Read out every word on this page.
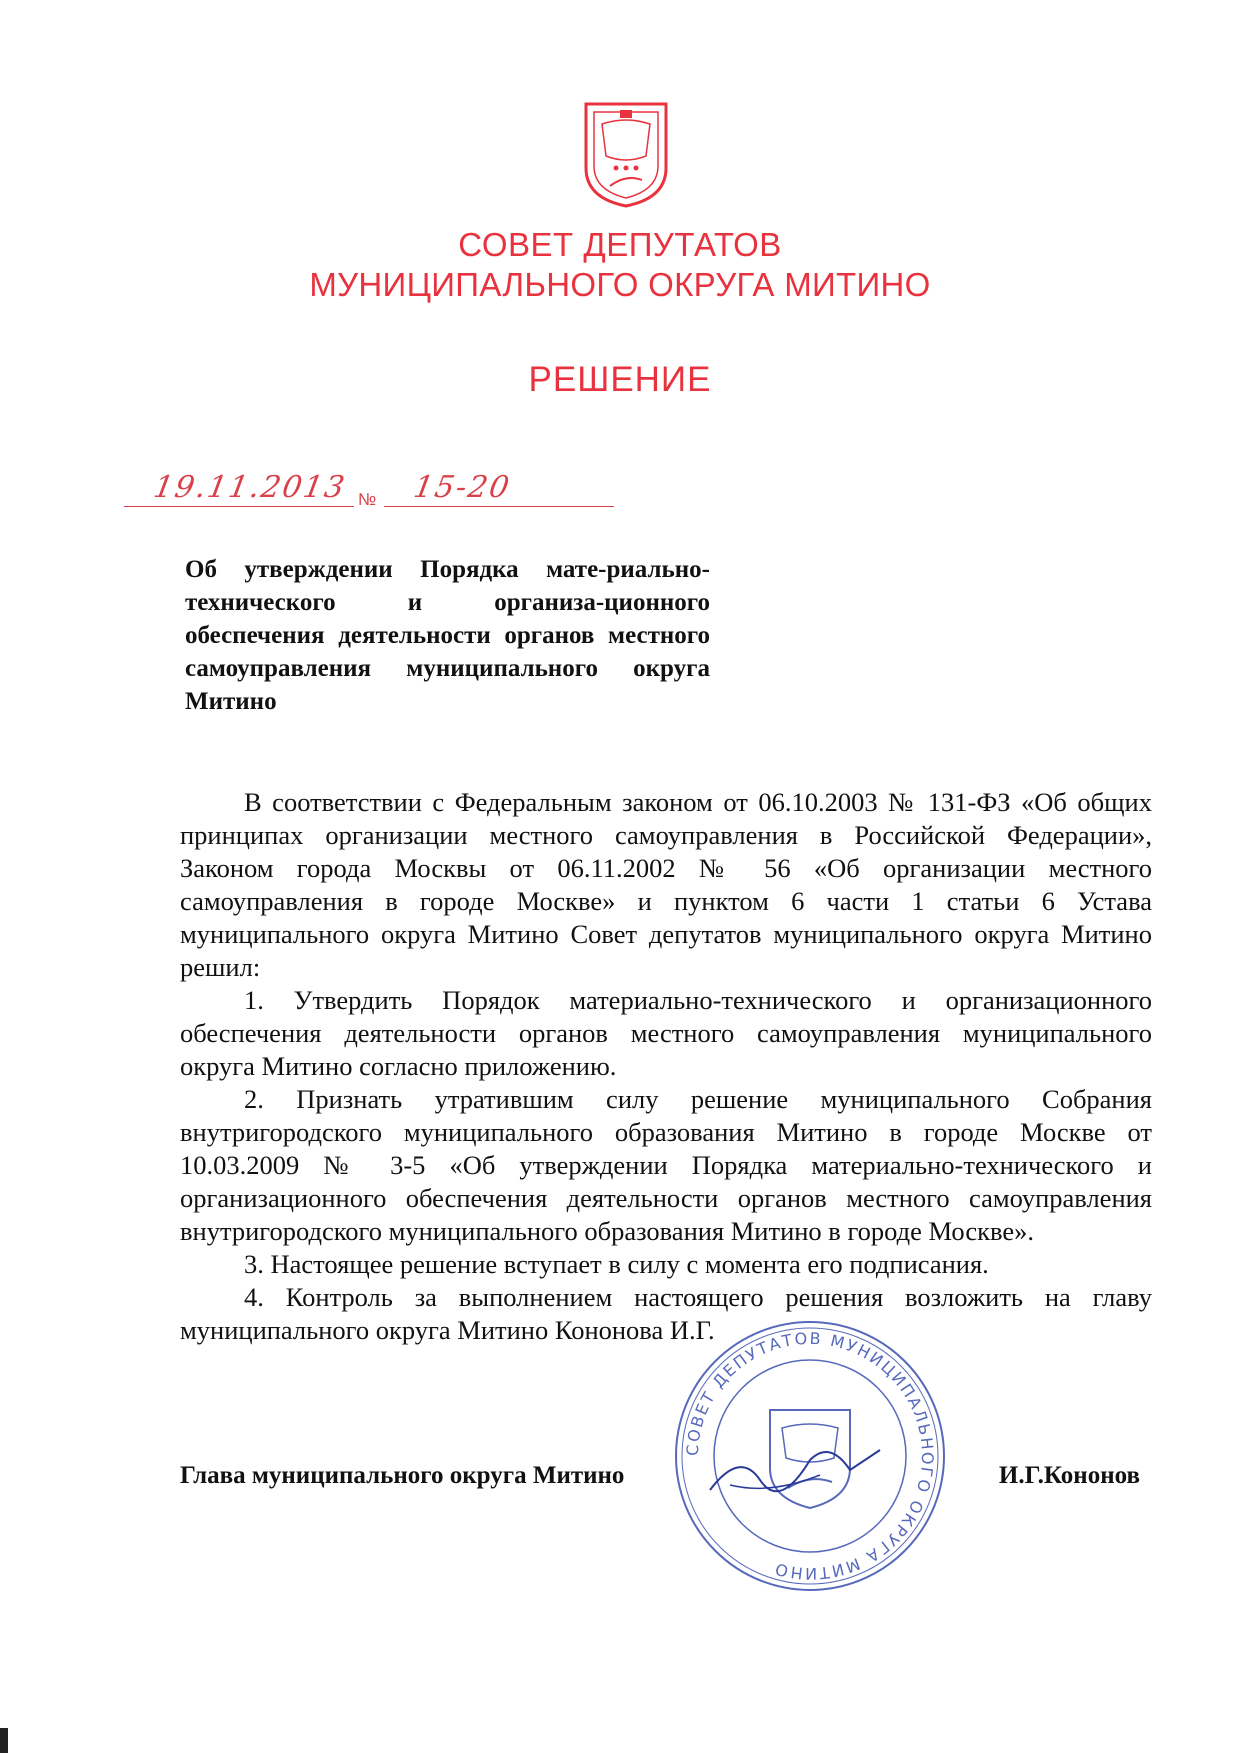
СОВЕТ ДЕПУТАТОВ
МУНИЦИПАЛЬНОГО ОКРУГА МИТИНО
РЕШЕНИЕ
19.11.2013 № 15-20
Об утверждении Порядка мате-риально-технического и организа-ционного обеспечения деятельности органов местного самоуправления муниципального округа Митино

В соответствии с Федеральным законом от 06.10.2003 № 131-ФЗ «Об общих принципах организации местного самоуправления в Российской Федерации», Законом города Москвы от 06.11.2002 № 56 «Об организации местного самоуправления в городе Москве» и пунктом 6 части 1 статьи 6 Устава муниципального округа Митино Совет депутатов муниципального округа Митино решил:

1. Утвердить Порядок материально-технического и организационного обеспечения деятельности органов местного самоуправления муниципального округа Митино согласно приложению.

2. Признать утратившим силу решение муниципального Собрания внутригородского муниципального образования Митино в городе Москве от 10.03.2009 № 3-5 «Об утверждении Порядка материально-технического и организационного обеспечения деятельности органов местного самоуправления внутригородского муниципального образования Митино в городе Москве».

3. Настоящее решение вступает в силу с момента его подписания.

4. Контроль за выполнением настоящего решения возложить на главу муниципального округа Митино Кононова И.Г.

Глава муниципального округа Митино	И.Г.Кононов
СОВЕТ ДЕПУТАТОВ МУНИЦИПАЛЬНОГО ОКРУГА МИТИНО
